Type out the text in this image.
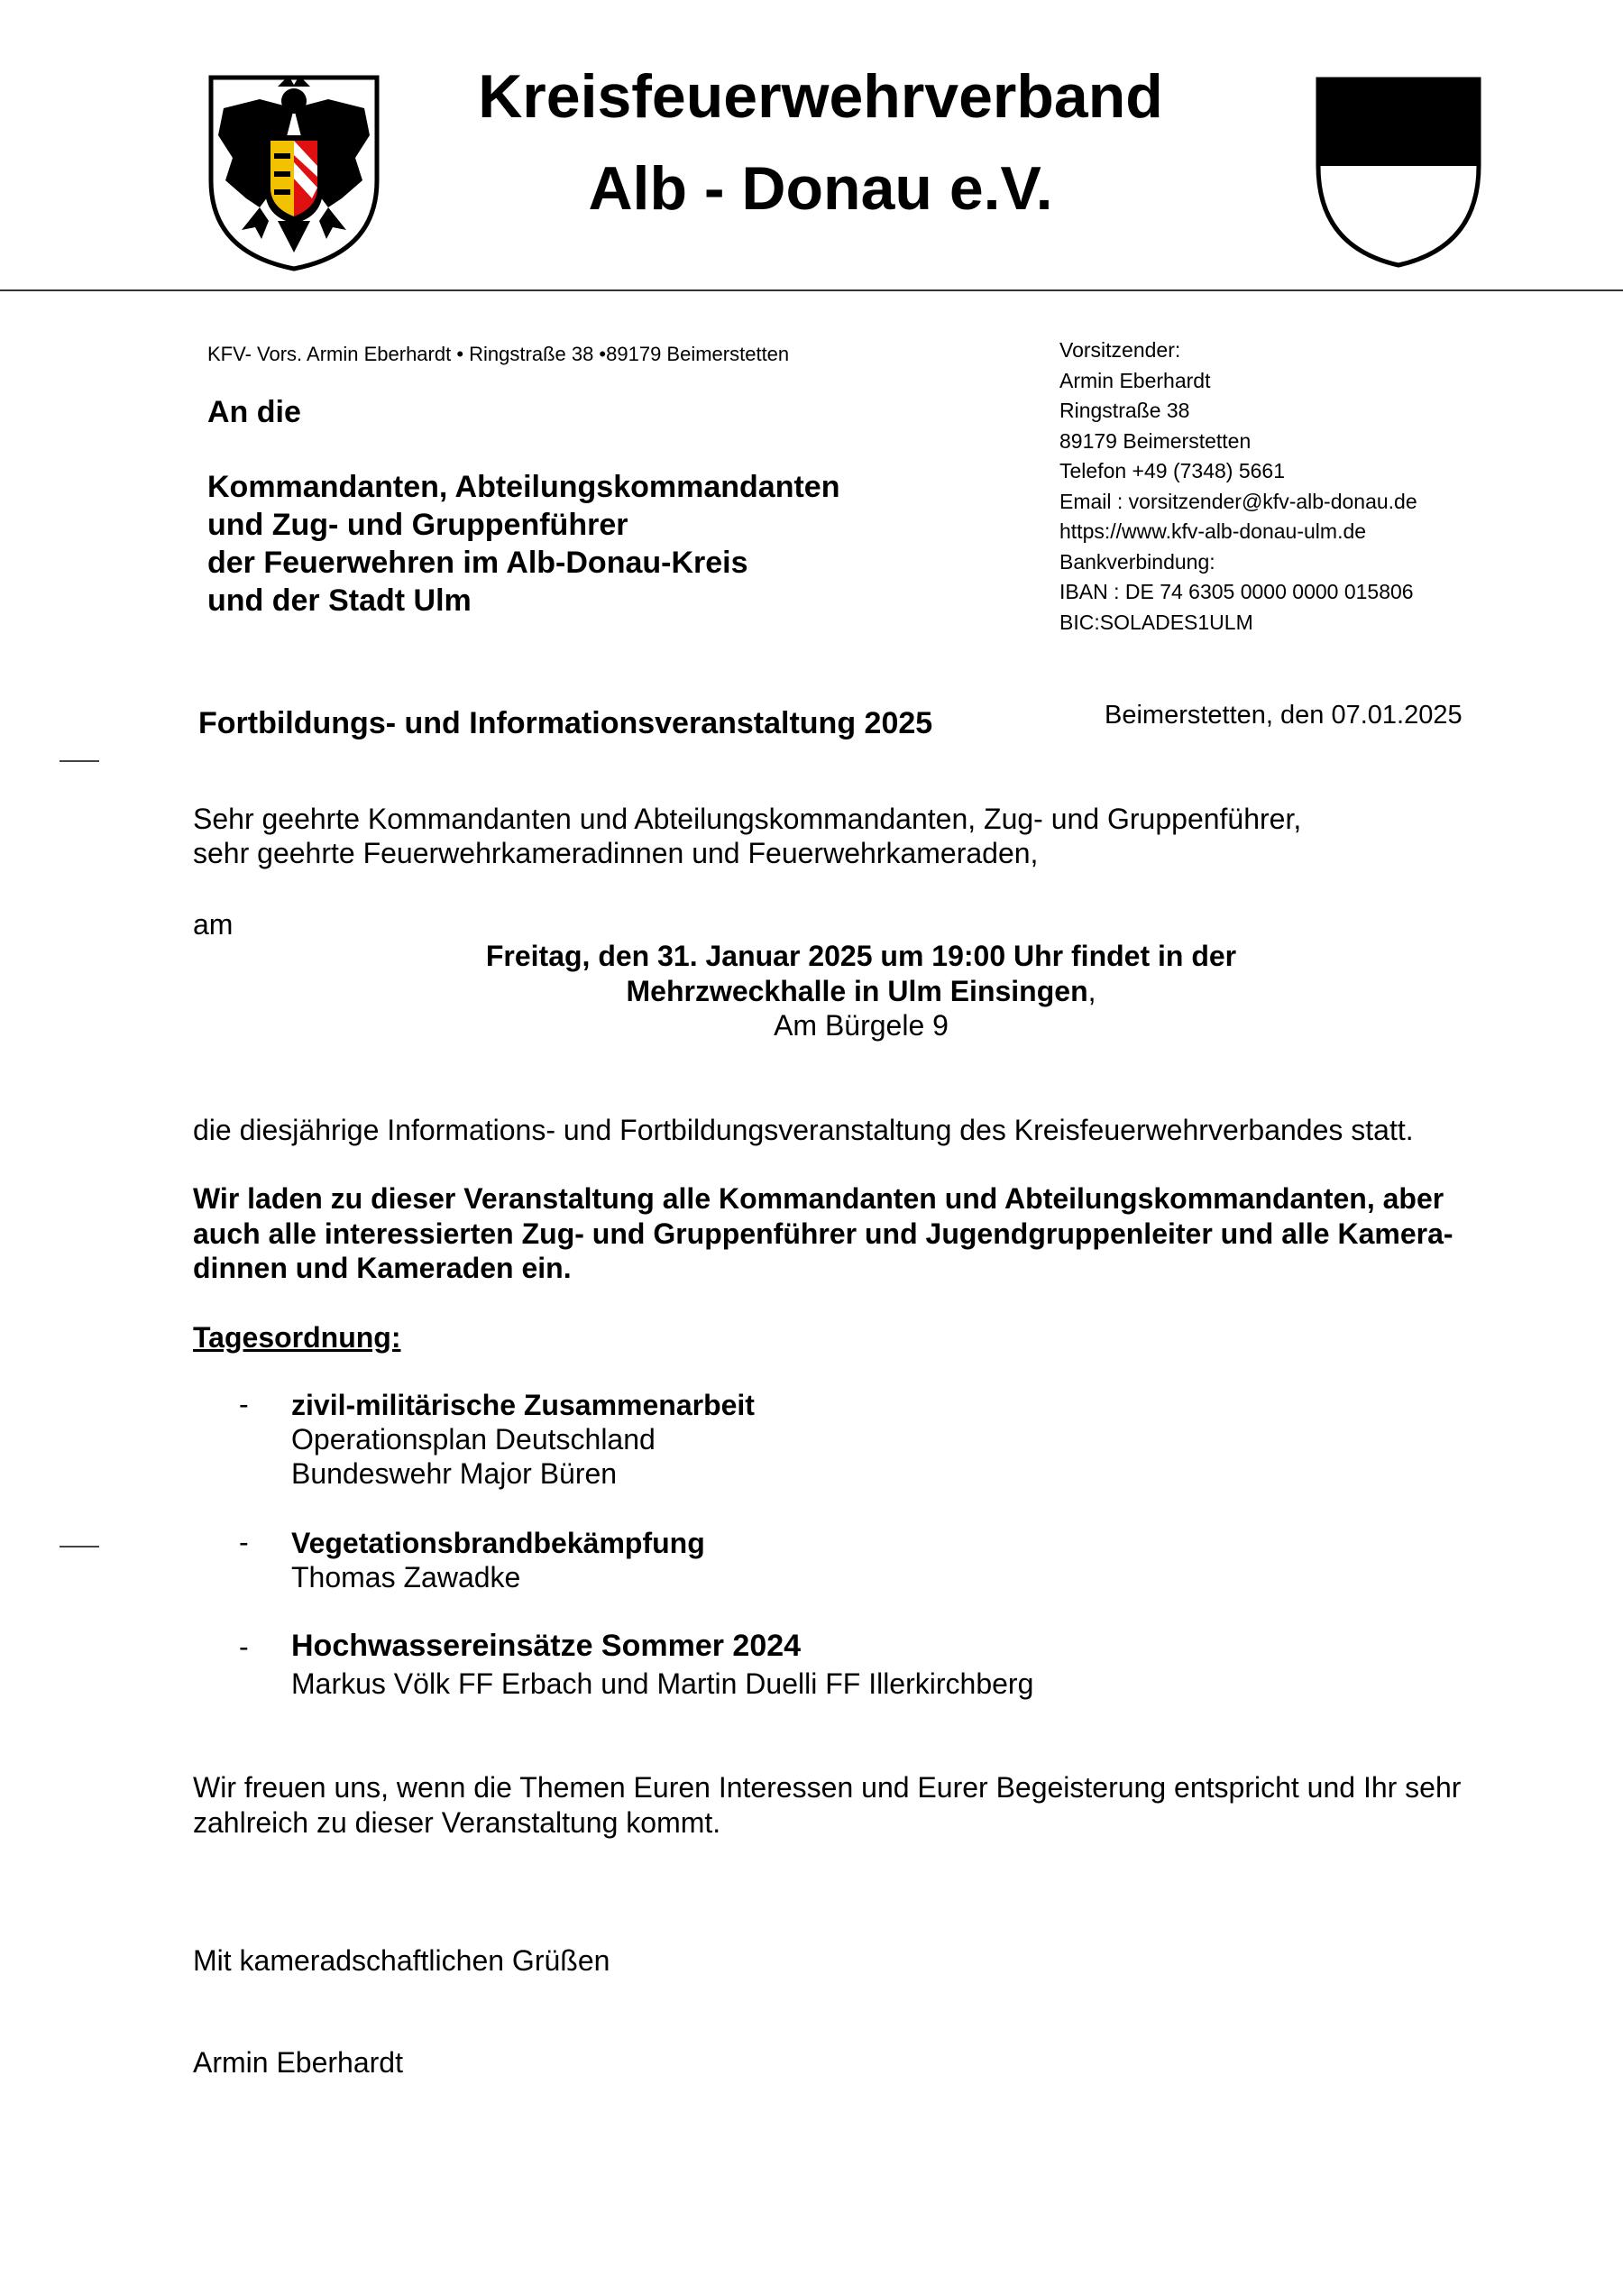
Kreisfeuerwehrverband
Alb - Donau e.V.
KFV- Vors. Armin Eberhardt • Ringstraße 38 •89179 Beimerstetten
An die
Kommandanten, Abteilungskommandanten
und Zug- und Gruppenführer
der Feuerwehren im Alb-Donau-Kreis
und der Stadt Ulm
Vorsitzender:
Armin Eberhardt
Ringstraße 38
89179 Beimerstetten
Telefon +49 (7348) 5661
Email : vorsitzender@kfv-alb-donau.de
https://www.kfv-alb-donau-ulm.de
Bankverbindung:
IBAN : DE 74 6305 0000 0000 015806
BIC:SOLADES1ULM
Fortbildungs- und Informationsveranstaltung 2025	Beimerstetten, den 07.01.2025
Sehr geehrte Kommandanten und Abteilungskommandanten, Zug- und Gruppenführer,
sehr geehrte Feuerwehrkameradinnen und Feuerwehrkameraden,
am
Freitag, den 31. Januar 2025 um 19:00 Uhr findet in der
Mehrzweckhalle in Ulm Einsingen,
Am Bürgele 9
die diesjährige Informations- und Fortbildungsveranstaltung des Kreisfeuerwehrverbandes statt.
Wir laden zu dieser Veranstaltung alle Kommandanten und Abteilungskommandanten, aber
auch alle interessierten Zug- und Gruppenführer und Jugendgruppenleiter und alle Kamera-
dinnen und Kameraden ein.
Tagesordnung:
- zivil-militärische Zusammenarbeit
Operationsplan Deutschland
Bundeswehr Major Büren
- Vegetationsbrandbekämpfung
Thomas Zawadke
- Hochwassereinsätze Sommer 2024
Markus Völk FF Erbach und Martin Duelli FF Illerkirchberg
Wir freuen uns, wenn die Themen Euren Interessen und Eurer Begeisterung entspricht und Ihr sehr
zahlreich zu dieser Veranstaltung kommt.
Mit kameradschaftlichen Grüßen
Armin Eberhardt
